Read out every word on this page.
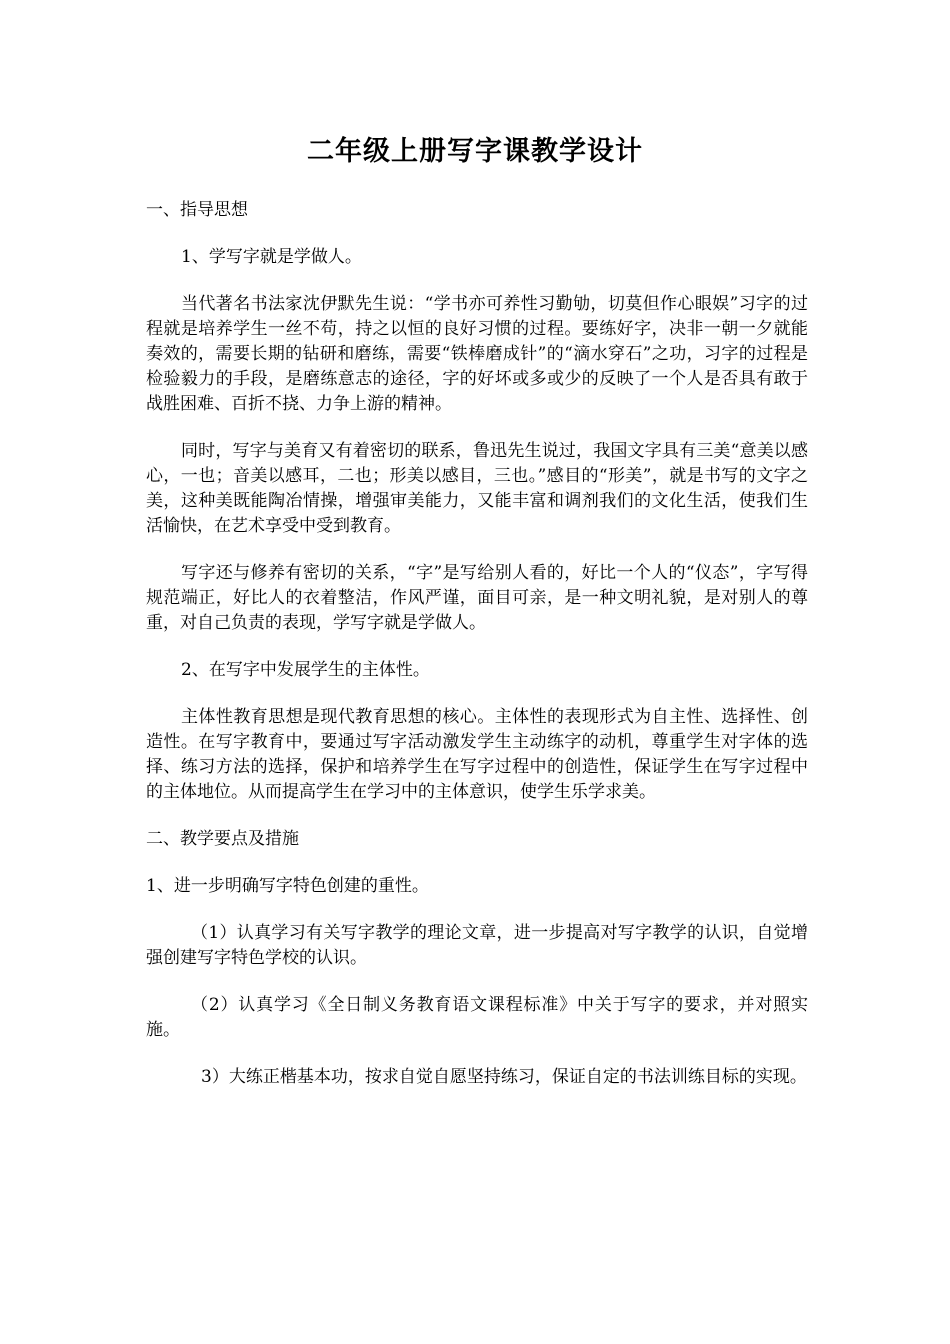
二年级上册写字课教学设计

一、指导思想

1、学写字就是学做人。

当代著名书法家沈伊默先生说：“学书亦可养性习勤劬，切莫但作心眼娱”习字的过程就是培养学生一丝不苟，持之以恒的良好习惯的过程。要练好字，决非一朝一夕就能奏效的，需要长期的钻研和磨练，需要“铁棒磨成针”的“滴水穿石”之功，习字的过程是检验毅力的手段，是磨练意志的途径，字的好坏或多或少的反映了一个人是否具有敢于战胜困难、百折不挠、力争上游的精神。

同时，写字与美育又有着密切的联系，鲁迅先生说过，我国文字具有三美“意美以感心，一也；音美以感耳，二也；形美以感目，三也。”感目的“形美”，就是书写的文字之美，这种美既能陶冶情操，增强审美能力，又能丰富和调剂我们的文化生活，使我们生活愉快，在艺术享受中受到教育。

写字还与修养有密切的关系，“字”是写给别人看的，好比一个人的“仪态”，字写得规范端正，好比人的衣着整洁，作风严谨，面目可亲，是一种文明礼貌，是对别人的尊重，对自己负责的表现，学写字就是学做人。

2、在写字中发展学生的主体性。

主体性教育思想是现代教育思想的核心。主体性的表现形式为自主性、选择性、创造性。在写字教育中，要通过写字活动激发学生主动练字的动机，尊重学生对字体的选择、练习方法的选择，保护和培养学生在写字过程中的创造性，保证学生在写字过程中的主体地位。从而提高学生在学习中的主体意识，使学生乐学求美。

二、教学要点及措施

1、进一步明确写字特色创建的重性。

（1）认真学习有关写字教学的理论文章，进一步提高对写字教学的认识，自觉增强创建写字特色学校的认识。

（2）认真学习《全日制义务教育语文课程标准》中关于写字的要求，并对照实施。

3）大练正楷基本功，按求自觉自愿坚持练习，保证自定的书法训练目标的实现。
